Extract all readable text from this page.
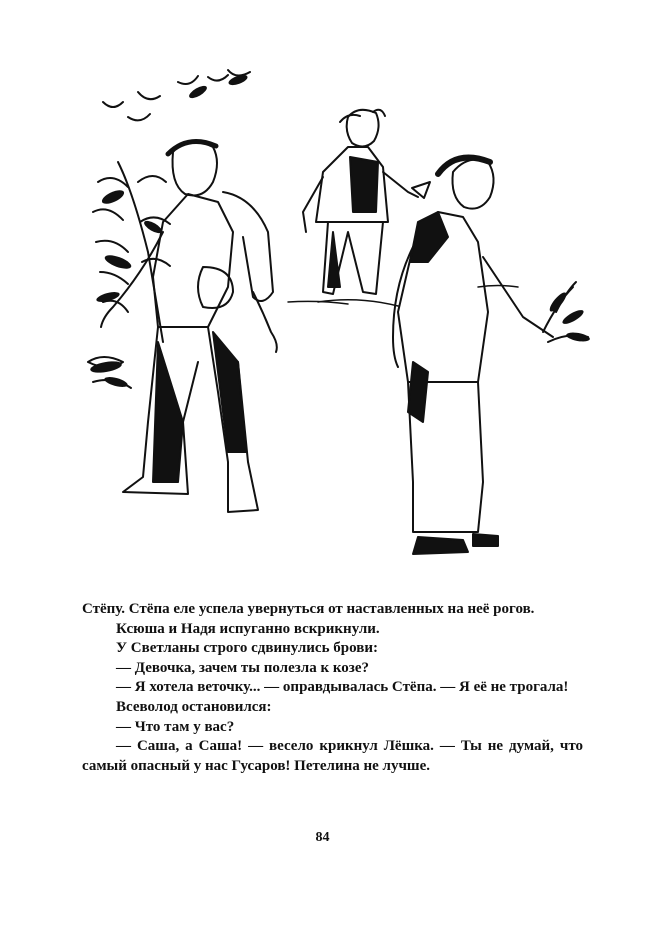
Стёпу. Стёпа еле успела увернуться от наставленных на неё рогов.

Ксюша и Надя испуганно вскрикнули.

У Светланы строго сдвинулись брови:

— Девочка, зачем ты полезла к козе?

— Я хотела веточку... — оправдывалась Стёпа. — Я её не трогала!

Всеволод остановился:

— Что там у вас?

— Саша, а Саша! — весело крикнул Лёшка. — Ты не думай, что самый опасный у нас Гусаров! Петелина не лучше.

84
